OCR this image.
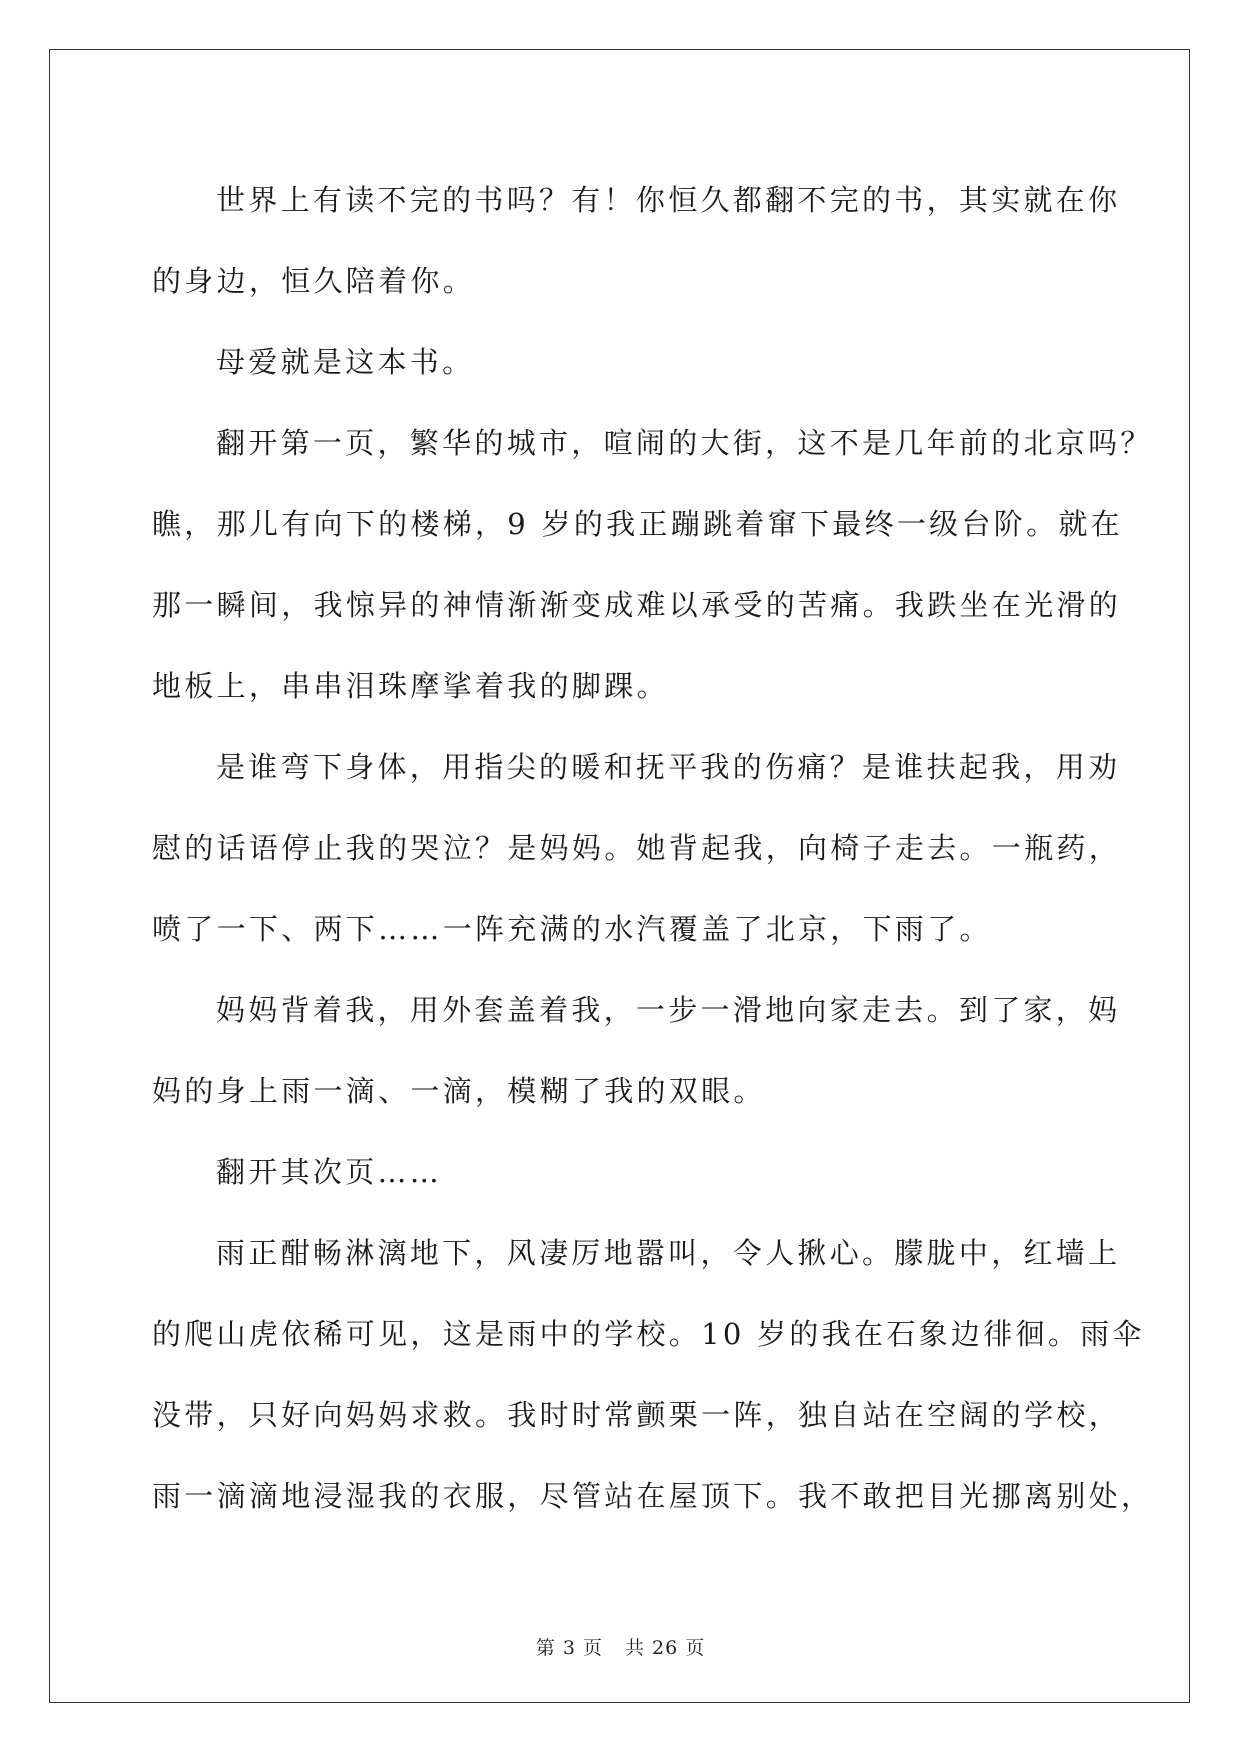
世界上有读不完的书吗？有！你恒久都翻不完的书，其实就在你
的身边，恒久陪着你。

母爱就是这本书。

翻开第一页，繁华的城市，喧闹的大街，这不是几年前的北京吗？
瞧，那儿有向下的楼梯，9 岁的我正蹦跳着窜下最终一级台阶。就在
那一瞬间，我惊异的神情渐渐变成难以承受的苦痛。我跌坐在光滑的
地板上，串串泪珠摩挲着我的脚踝。

是谁弯下身体，用指尖的暖和抚平我的伤痛？是谁扶起我，用劝
慰的话语停止我的哭泣？是妈妈。她背起我，向椅子走去。一瓶药，
喷了一下、两下……一阵充满的水汽覆盖了北京，下雨了。

妈妈背着我，用外套盖着我，一步一滑地向家走去。到了家，妈
妈的身上雨一滴、一滴，模糊了我的双眼。

翻开其次页……

雨正酣畅淋漓地下，风凄厉地嚣叫，令人揪心。朦胧中，红墙上
的爬山虎依稀可见，这是雨中的学校。10 岁的我在石象边徘徊。雨伞
没带，只好向妈妈求救。我时时常颤栗一阵，独自站在空阔的学校，
雨一滴滴地浸湿我的衣服，尽管站在屋顶下。我不敢把目光挪离别处，

第 3 页 共 26 页
